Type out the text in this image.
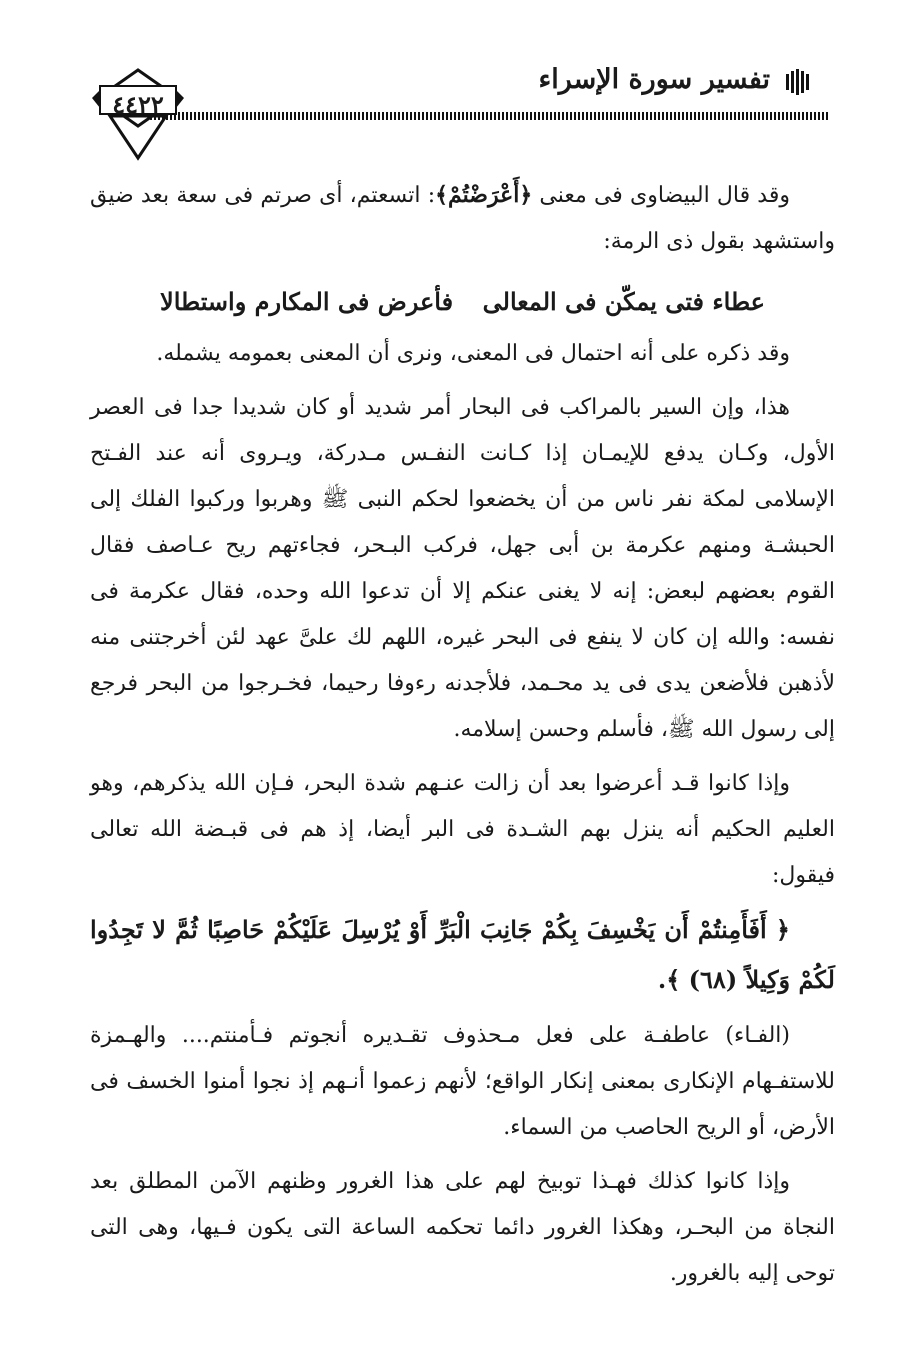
تفسير سورة الإسراء
٤٤٢٢

وقد قال البيضاوى فى معنى ﴿أَعْرَضْتُمْ﴾: اتسعتم، أى صرتم فى سعة بعد ضيق واستشهد بقول ذى الرمة:

عطاء فتى يمكّن فى المعالى
فأعرض فى المكارم واستطالا

وقد ذكره على أنه احتمال فى المعنى، ونرى أن المعنى بعمومه يشمله.

هذا، وإن السير بالمراكب فى البحار أمر شديد أو كان شديدا جدا فى العصر الأول، وكـان يدفع للإيمـان إذا كـانت النفـس مـدركة، ويـروى أنه عند الفـتح الإسلامى لمكة نفر ناس من أن يخضعوا لحكم النبى ﷺ وهربوا وركبوا الفلك إلى الحبشـة ومنهم عكرمة بن أبى جهل، فركب البـحر، فجاءتهم ريح عـاصف فقال القوم بعضهم لبعض: إنه لا يغنى عنكم إلا أن تدعوا الله وحده، فقال عكرمة فى نفسه: والله إن كان لا ينفع فى البحر غيره، اللهم لك علىَّ عهد لئن أخرجتنى منه لأذهبن فلأضعن يدى فى يد محـمد، فلأجدنه رءوفا رحيما، فخـرجوا من البحر فرجع إلى رسول الله ﷺ، فأسلم وحسن إسلامه.

وإذا كانوا قـد أعرضوا بعد أن زالت عنـهم شدة البحر، فـإن الله يذكرهم، وهو العليم الحكيم أنه ينزل بهم الشـدة فى البر أيضا، إذ هم فى قبـضة الله تعالى فيقول:

﴿ أَفَأَمِنتُمْ أَن يَخْسِفَ بِكُمْ جَانِبَ الْبَرِّ أَوْ يُرْسِلَ عَلَيْكُمْ حَاصِبًا ثُمَّ لا تَجِدُوا لَكُمْ وَكِيلاً (٦٨) ﴾.

(الفـاء) عاطفـة على فعل مـحذوف تقـديره أنجوتم فـأمنتم.... والهـمزة للاستفـهام الإنكارى بمعنى إنكار الواقع؛ لأنهم زعموا أنـهم إذ نجوا أمنوا الخسف فى الأرض، أو الريح الحاصب من السماء.

وإذا كانوا كذلك فهـذا توبيخ لهم على هذا الغرور وظنهم الآمن المطلق بعد النجاة من البحـر، وهكذا الغرور دائما تحكمه الساعة التى يكون فـيها، وهى التى توحى إليه بالغرور.
